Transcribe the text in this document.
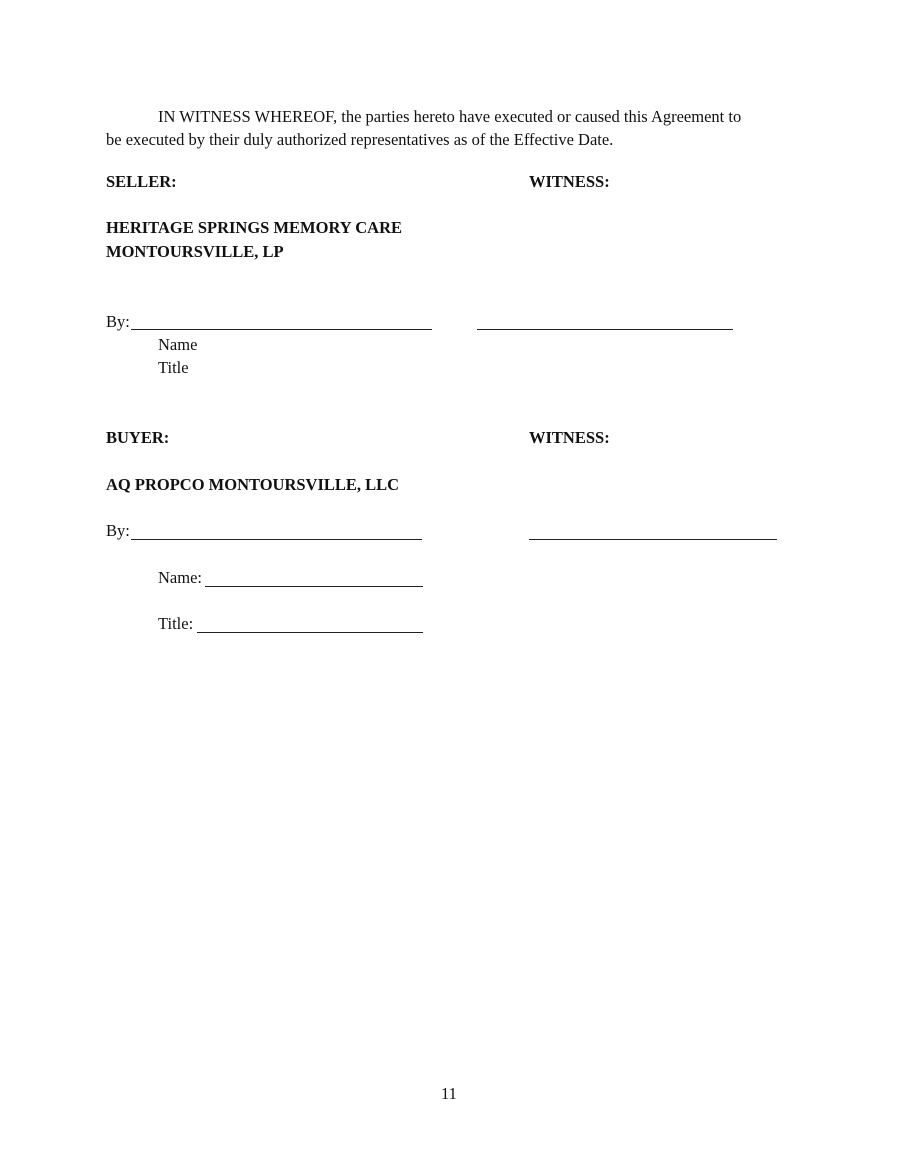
IN WITNESS WHEREOF, the parties hereto have executed or caused this Agreement to
be executed by their duly authorized representatives as of the Effective Date.
SELLER:	WITNESS:
HERITAGE SPRINGS MEMORY CARE
MONTOURSVILLE, LP
By:
Name
Title
BUYER:	WITNESS:
AQ PROPCO MONTOURSVILLE, LLC
By:
Name:
Title:
11
